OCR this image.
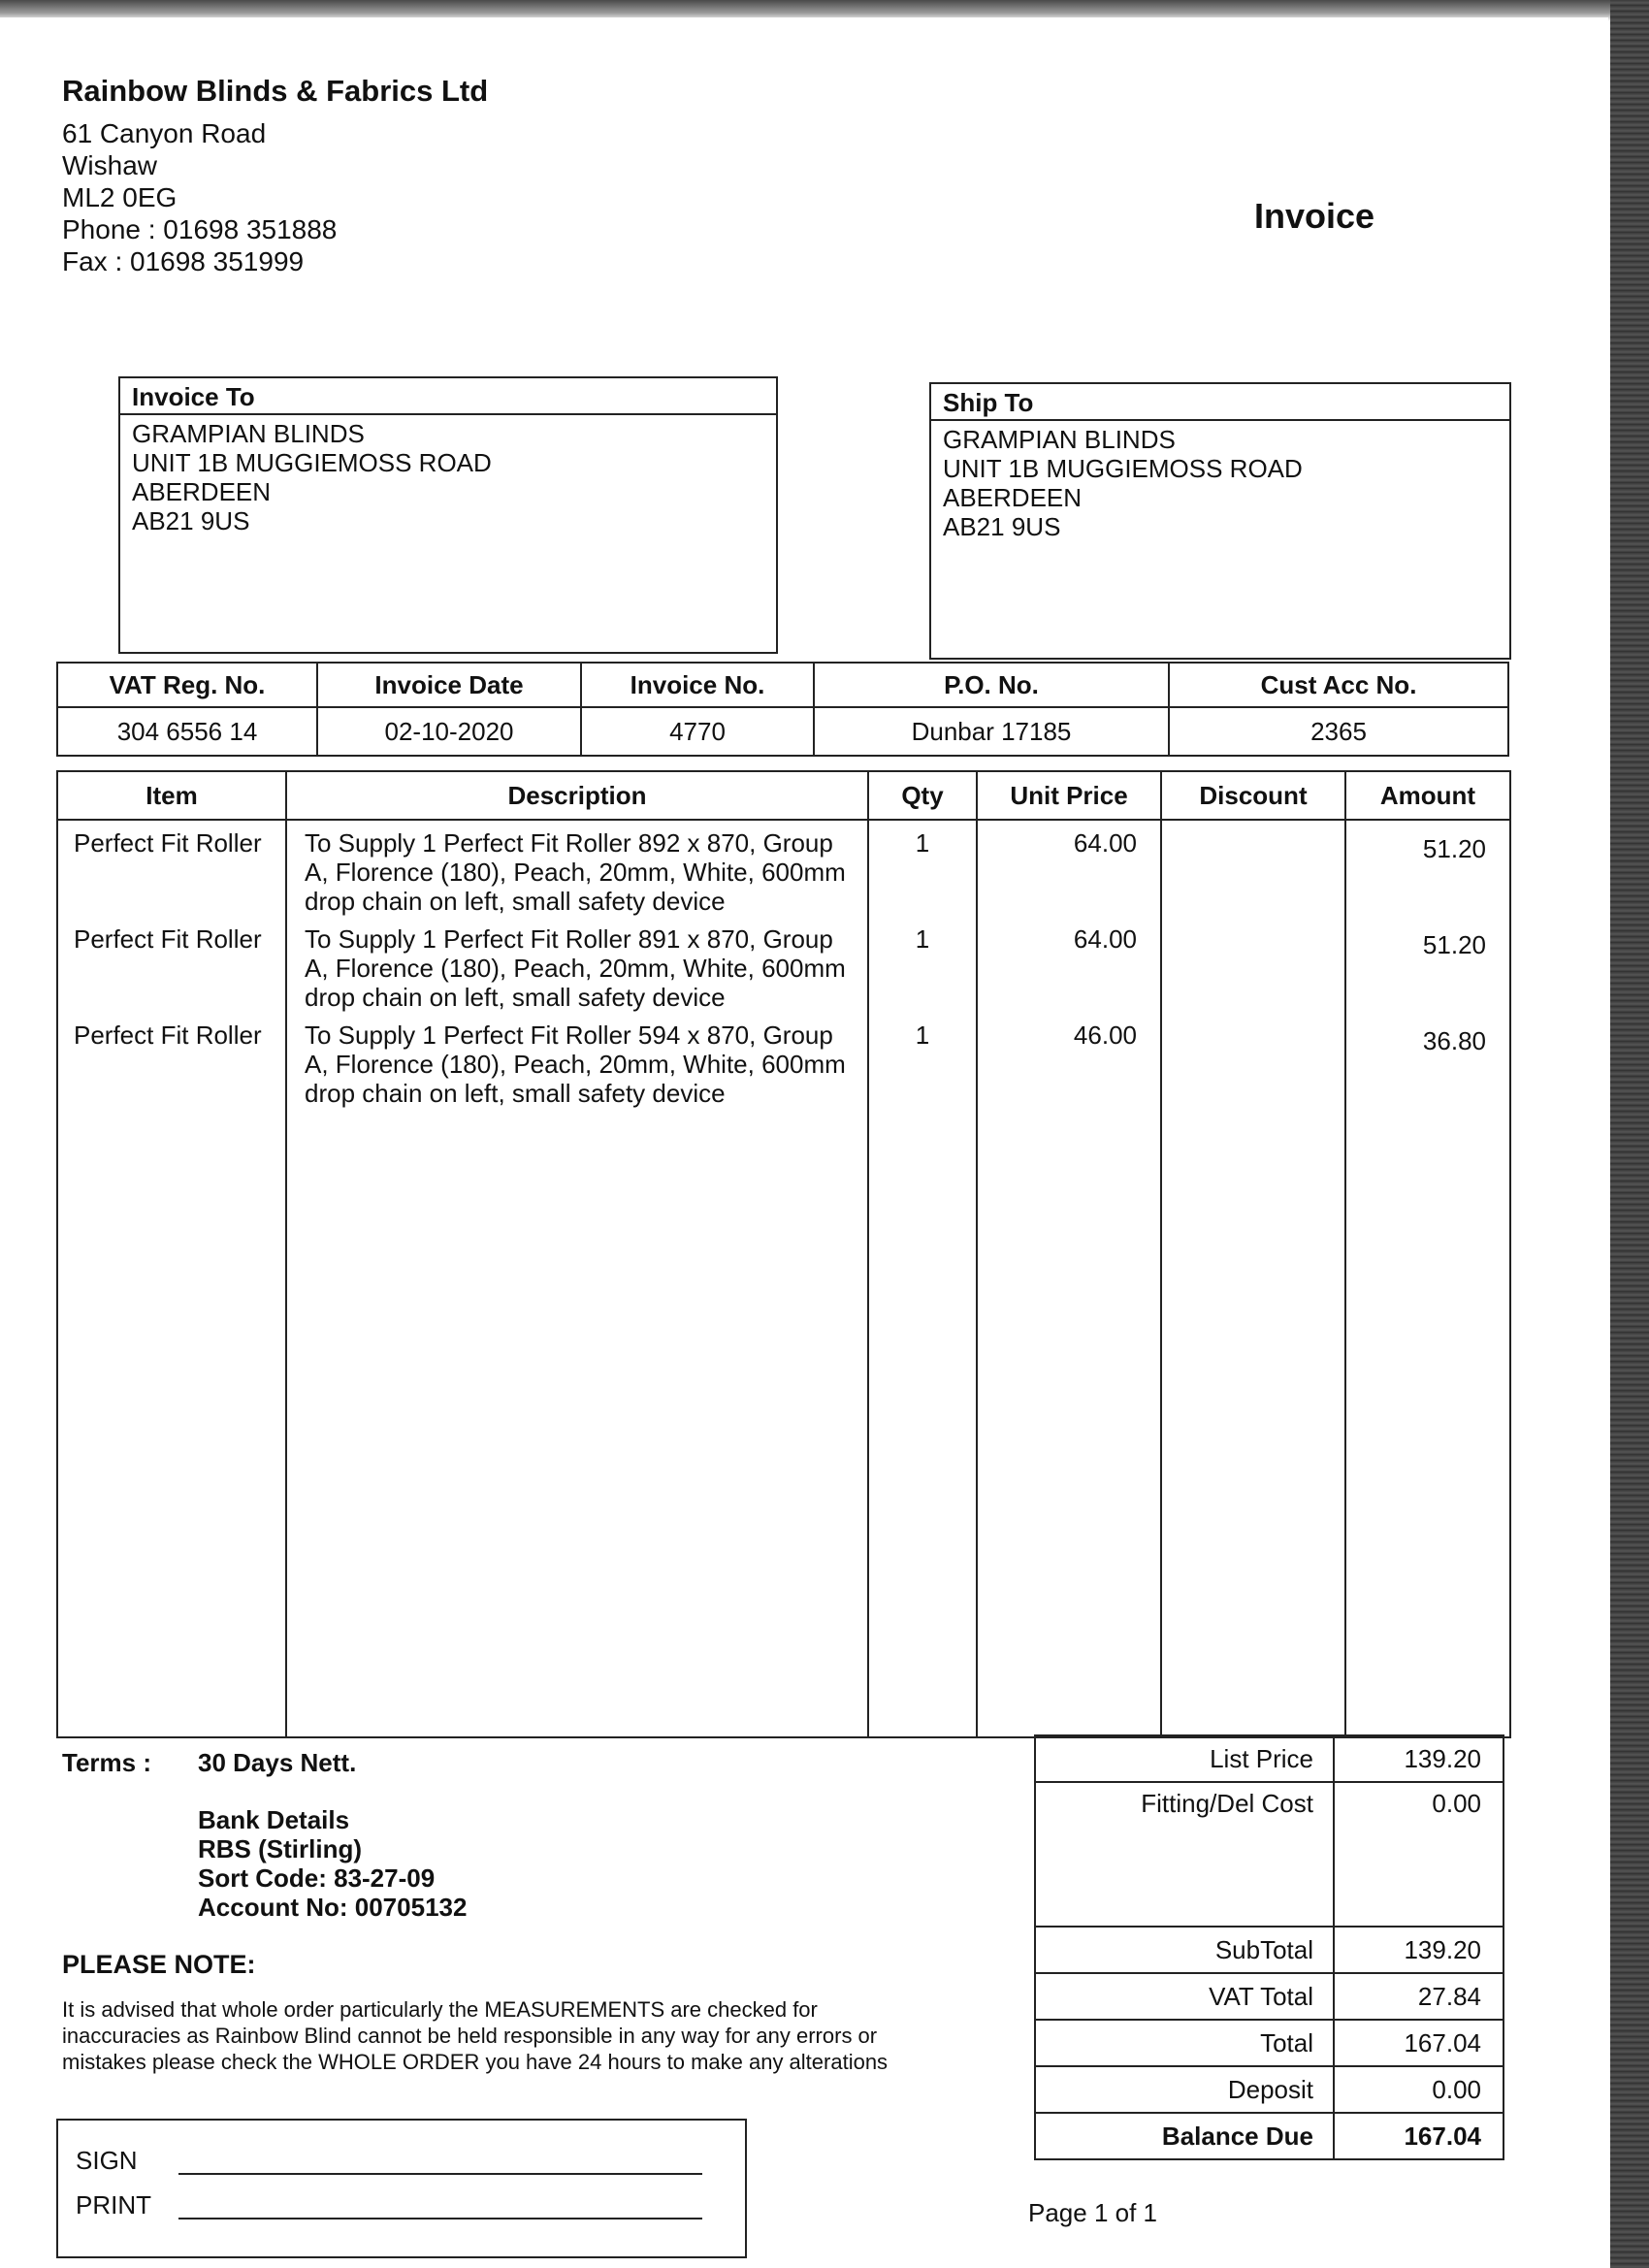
Rainbow Blinds & Fabrics Ltd
61 Canyon Road
Wishaw
ML2 0EG
Phone : 01698 351888
Fax : 01698 351999
Invoice
Invoice To
GRAMPIAN BLINDS
UNIT 1B MUGGIEMOSS ROAD
ABERDEEN
AB21 9US
Ship To
GRAMPIAN BLINDS
UNIT 1B MUGGIEMOSS ROAD
ABERDEEN
AB21 9US
VAT Reg. No.	Invoice Date	Invoice No.	P.O. No.	Cust Acc No.
304 6556 14	02-10-2020	4770	Dunbar 17185	2365
Item	Description	Qty	Unit Price	Discount	Amount
Perfect Fit Roller	To Supply 1 Perfect Fit Roller 892 x 870, Group A, Florence (180), Peach, 20mm, White, 600mm drop chain on left, small safety device	1	64.00		51.20
Perfect Fit Roller	To Supply 1 Perfect Fit Roller 891 x 870, Group A, Florence (180), Peach, 20mm, White, 600mm drop chain on left, small safety device	1	64.00		51.20
Perfect Fit Roller	To Supply 1 Perfect Fit Roller 594 x 870, Group A, Florence (180), Peach, 20mm, White, 600mm drop chain on left, small safety device	1	46.00		36.80

Terms : 30 Days Nett.
Bank Details
RBS (Stirling)
Sort Code: 83-27-09
Account No: 00705132
PLEASE NOTE:
It is advised that whole order particularly the MEASUREMENTS are checked for
inaccuracies as Rainbow Blind cannot be held responsible in any way for any errors or
mistakes please check the WHOLE ORDER you have 24 hours to make any alterations
List Price	139.20
Fitting/Del Cost	0.00
SubTotal	139.20
VAT Total	27.84
Total	167.04
Deposit	0.00
Balance Due	167.04
SIGN
PRINT	Page 1 of 1
